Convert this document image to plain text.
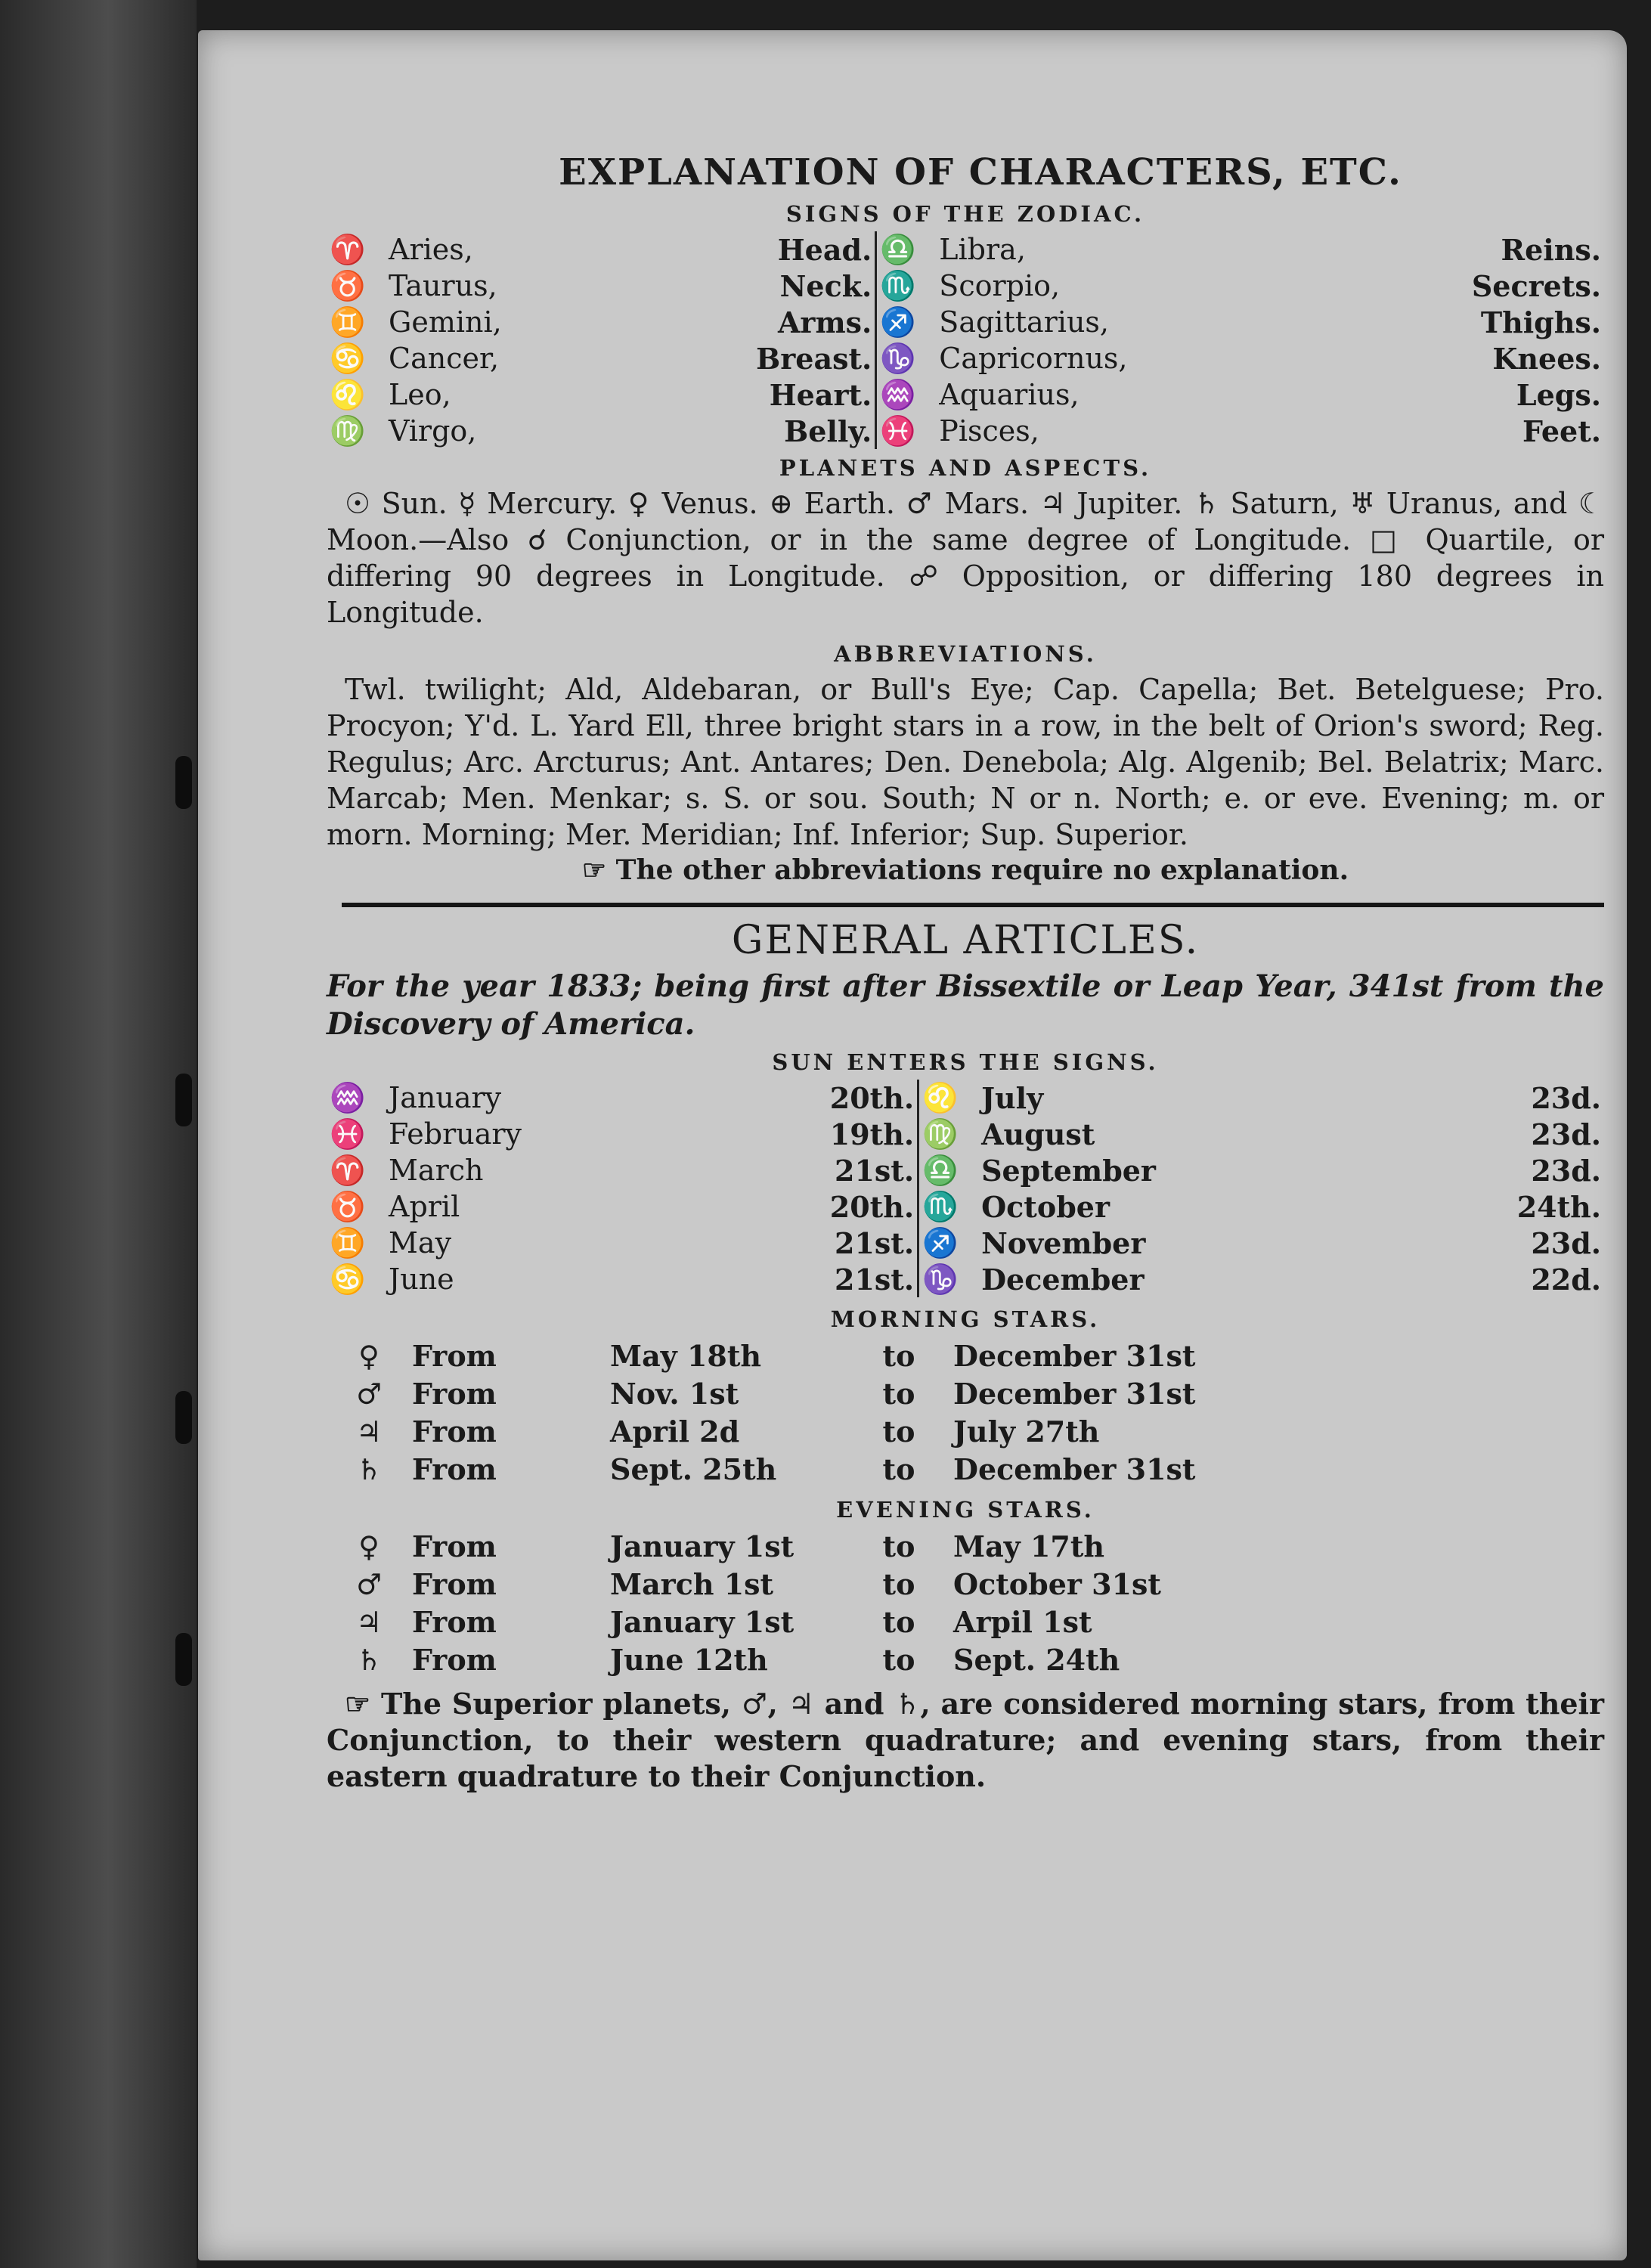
EXPLANATION OF CHARACTERS, ETC.
SIGNS OF THE ZODIAC.
♈	Aries,	Head.	♎	Libra,	Reins.
♉	Taurus,	Neck.	♏	Scorpio,	Secrets.
♊	Gemini,	Arms.	♐	Sagittarius,	Thighs.
♋	Cancer,	Breast.	♑	Capricornus,	Knees.
♌	Leo,	Heart.	♒	Aquarius,	Legs.
♍	Virgo,	Belly.	♓	Pisces,	Feet.
PLANETS AND ASPECTS.
☉ Sun. ☿ Mercury. ♀ Venus. ⊕ Earth. ♂ Mars. ♃ Jupiter. ♄ Saturn, ♅ Uranus, and ☾ Moon.—Also ☌ Conjunction, or in the same degree of Longitude. □ Quartile, or differing 90 degrees in Longitude. ☍ Opposition, or differing 180 degrees in Longitude.
ABBREVIATIONS.
Twl. twilight; Ald, Aldebaran, or Bull's Eye; Cap. Capella; Bet. Betelguese; Pro. Procyon; Y'd. L. Yard Ell, three bright stars in a row, in the belt of Orion's sword; Reg. Regulus; Arc. Arcturus; Ant. Antares; Den. Denebola; Alg. Algenib; Bel. Belatrix; Marc. Marcab; Men. Menkar; s. S. or sou. South; N or n. North; e. or eve. Evening; m. or morn. Morning; Mer. Meridian; Inf. Inferior; Sup. Superior.
☞ The other abbreviations require no explanation.
GENERAL ARTICLES.
For the year 1833; being first after Bissextile or Leap Year, 341st from the Discovery of America.
SUN ENTERS THE SIGNS.
♒	January	20th.	♌	July	23d.
♓	February	19th.	♍	August	23d.
♈	March	21st.	♎	September	23d.
♉	April	20th.	♏	October	24th.
♊	May	21st.	♐	November	23d.
♋	June	21st.	♑	December	22d.
MORNING STARS.
♀	From	May 18th	to	December 31st
♂	From	Nov. 1st	to	December 31st
♃	From	April 2d	to	July 27th
♄	From	Sept. 25th	to	December 31st
EVENING STARS.
♀	From	January 1st	to	May 17th
♂	From	March 1st	to	October 31st
♃	From	January 1st	to	Arpil 1st
♄	From	June 12th	to	Sept. 24th
☞ The Superior planets, ♂, ♃ and ♄, are considered morning stars, from their Conjunction, to their western quadrature; and evening stars, from their eastern quadrature to their Conjunction.
